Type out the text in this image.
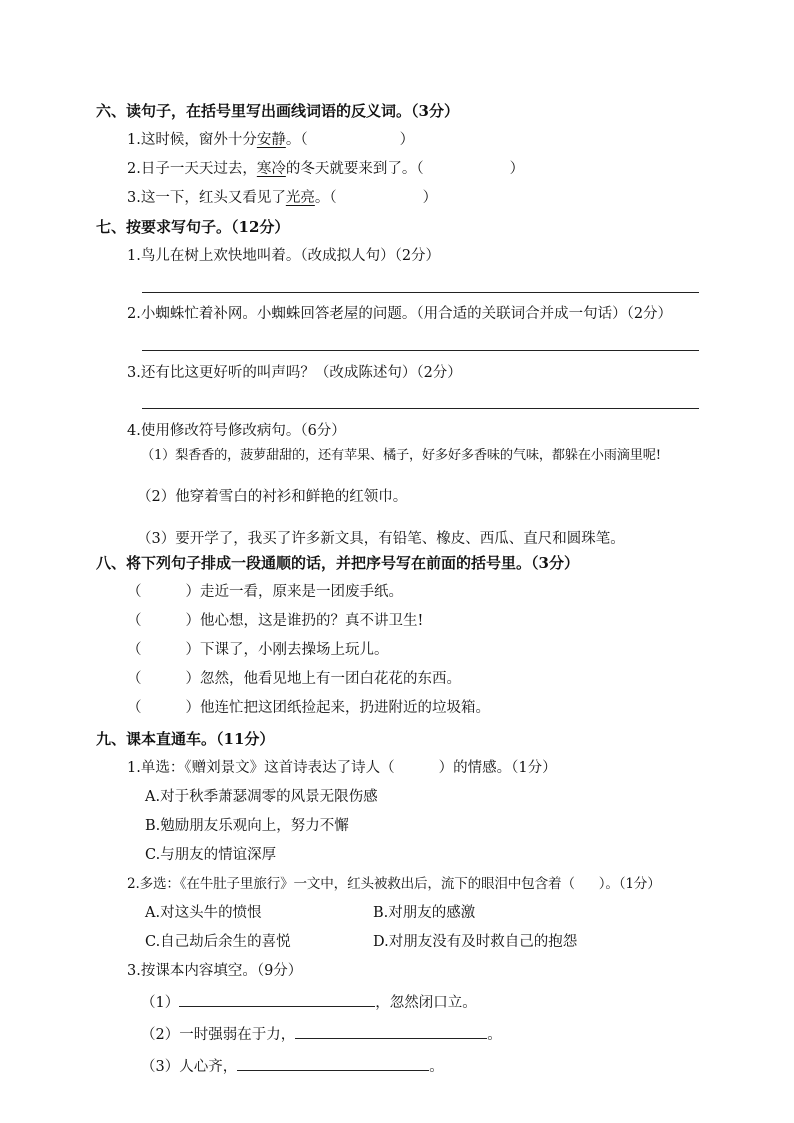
六、读句子，在括号里写出画线词语的反义词。（3分）
1.这时候，窗外十分安静。（	）
2.日子一天天过去，寒冷的冬天就要来到了。（	）
3.这一下，红头又看见了光亮。（	）
七、按要求写句子。（12分）
1.鸟儿在树上欢快地叫着。（改成拟人句）（2分）
2.小蜘蛛忙着补网。小蜘蛛回答老屋的问题。（用合适的关联词合并成一句话）（2分）
3.还有比这更好听的叫声吗？（改成陈述句）（2分）
4.使用修改符号修改病句。（6分）
（1）梨香香的，菠萝甜甜的，还有苹果、橘子，好多好多香味的气味，都躲在小雨滴里呢!
（2）他穿着雪白的衬衫和鲜艳的红领巾。
（3）要开学了，我买了许多新文具，有铅笔、橡皮、西瓜、直尺和圆珠笔。
八、将下列句子排成一段通顺的话，并把序号写在前面的括号里。（3分）
（	）走近一看，原来是一团废手纸。
（	）他心想，这是谁扔的？真不讲卫生!
（	）下课了，小刚去操场上玩儿。
（	）忽然，他看见地上有一团白花花的东西。
（	）他连忙把这团纸捡起来，扔进附近的垃圾箱。
九、课本直通车。（11分）
1.单选：《赠刘景文》这首诗表达了诗人（	）的情感。（1分）
A.对于秋季萧瑟凋零的风景无限伤感
B.勉励朋友乐观向上，努力不懈
C.与朋友的情谊深厚
2.多选：《在牛肚子里旅行》一文中，红头被救出后，流下的眼泪中包含着（ ）。（1分）
A.对这头牛的愤恨	B.对朋友的感激
C.自己劫后余生的喜悦	D.对朋友没有及时救自己的抱怨
3.按课本内容填空。（9分）
（1）	，忽然闭口立。
（2）一时强弱在于力，	。
（3）人心齐，	。
